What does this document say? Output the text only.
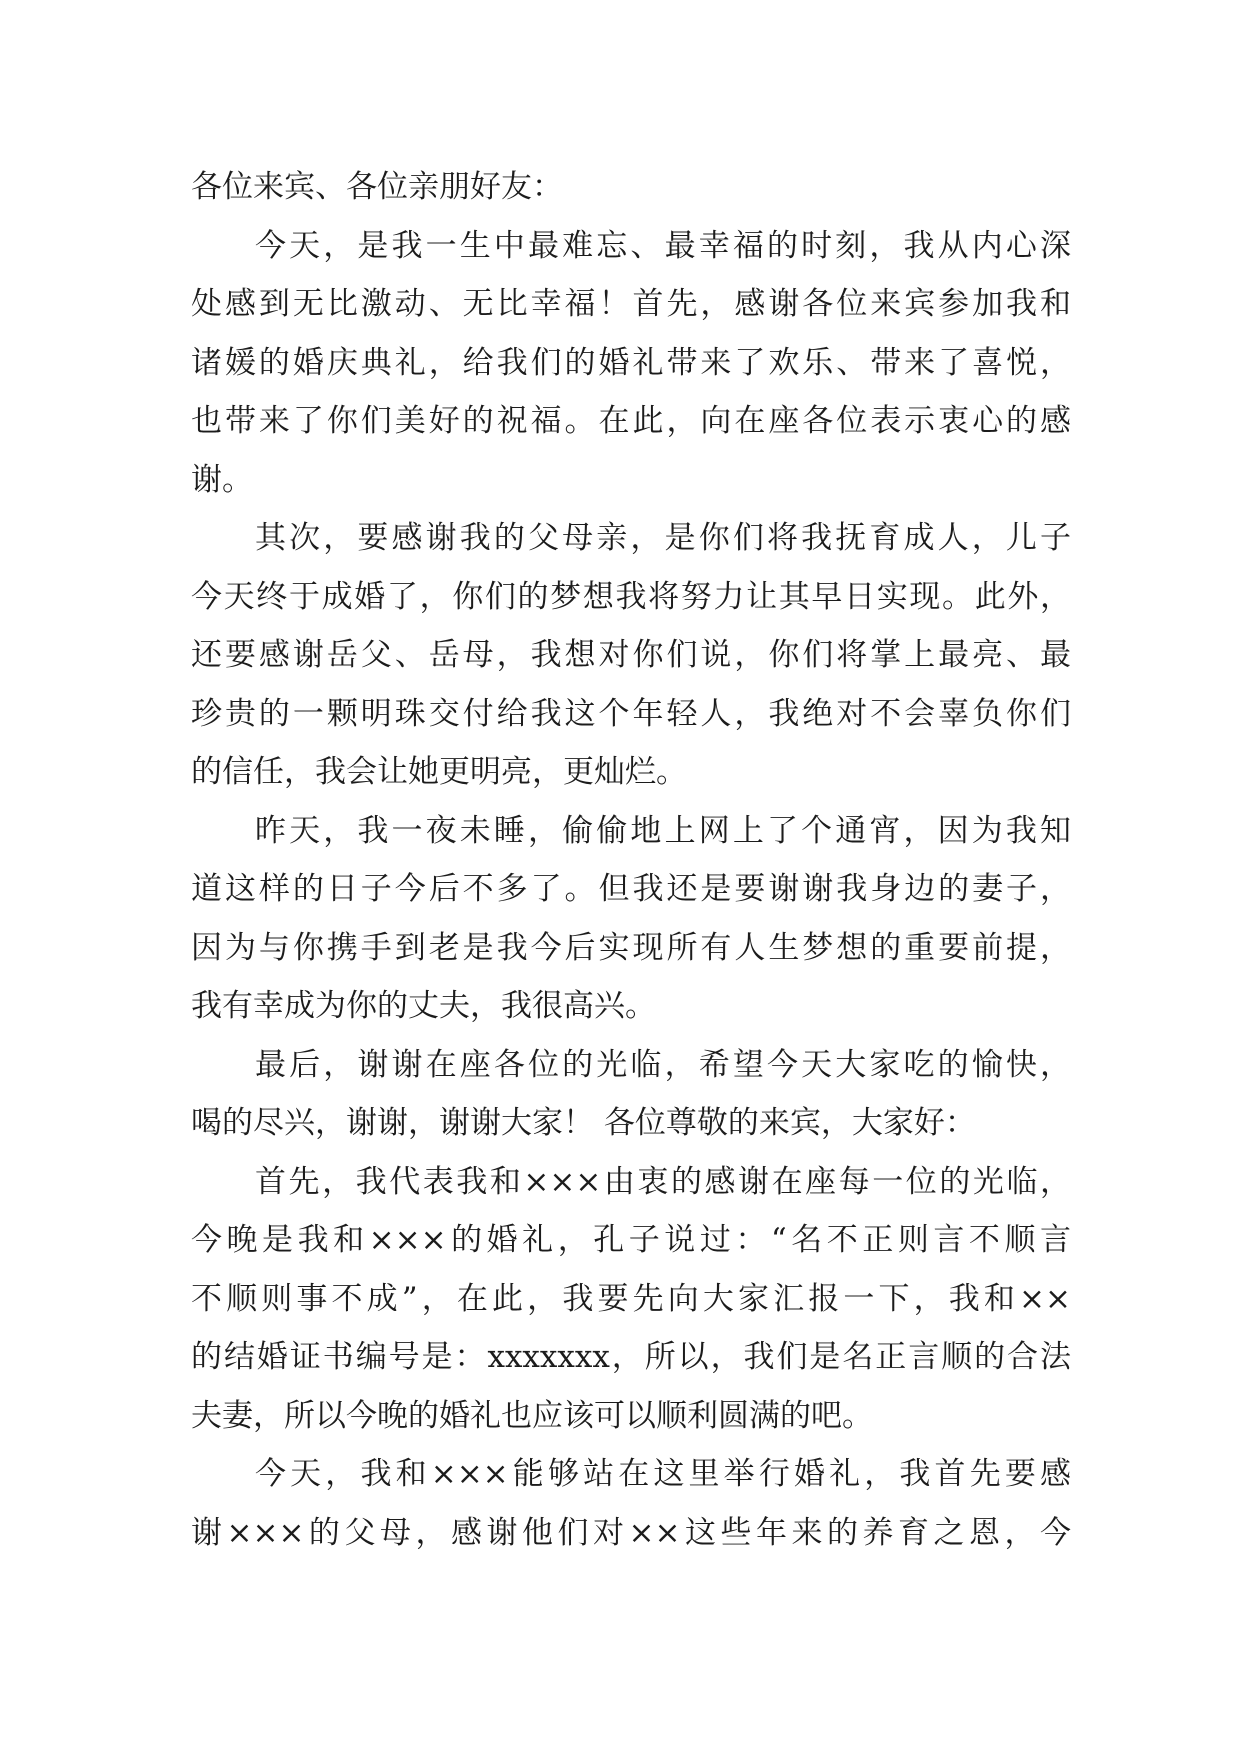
各位来宾、各位亲朋好友：
今天，是我一生中最难忘、最幸福的时刻，我从内心深
处感到无比激动、无比幸福！首先，感谢各位来宾参加我和
诸媛的婚庆典礼，给我们的婚礼带来了欢乐、带来了喜悦，
也带来了你们美好的祝福。在此，向在座各位表示衷心的感
谢。
其次，要感谢我的父母亲，是你们将我抚育成人，儿子
今天终于成婚了，你们的梦想我将努力让其早日实现。此外，
还要感谢岳父、岳母，我想对你们说，你们将掌上最亮、最
珍贵的一颗明珠交付给我这个年轻人，我绝对不会辜负你们
的信任，我会让她更明亮，更灿烂。
昨天，我一夜未睡，偷偷地上网上了个通宵，因为我知
道这样的日子今后不多了。但我还是要谢谢我身边的妻子，
因为与你携手到老是我今后实现所有人生梦想的重要前提，
我有幸成为你的丈夫，我很高兴。
最后，谢谢在座各位的光临，希望今天大家吃的愉快，
喝的尽兴，谢谢，谢谢大家！ 各位尊敬的来宾，大家好：
首先，我代表我和×××由衷的感谢在座每一位的光临，
今晚是我和×××的婚礼，孔子说过：“名不正则言不顺言
不顺则事不成”，在此，我要先向大家汇报一下，我和××
的结婚证书编号是：xxxxxxx，所以，我们是名正言顺的合法
夫妻，所以今晚的婚礼也应该可以顺利圆满的吧。
今天，我和×××能够站在这里举行婚礼，我首先要感
谢×××的父母，感谢他们对××这些年来的养育之恩，今
